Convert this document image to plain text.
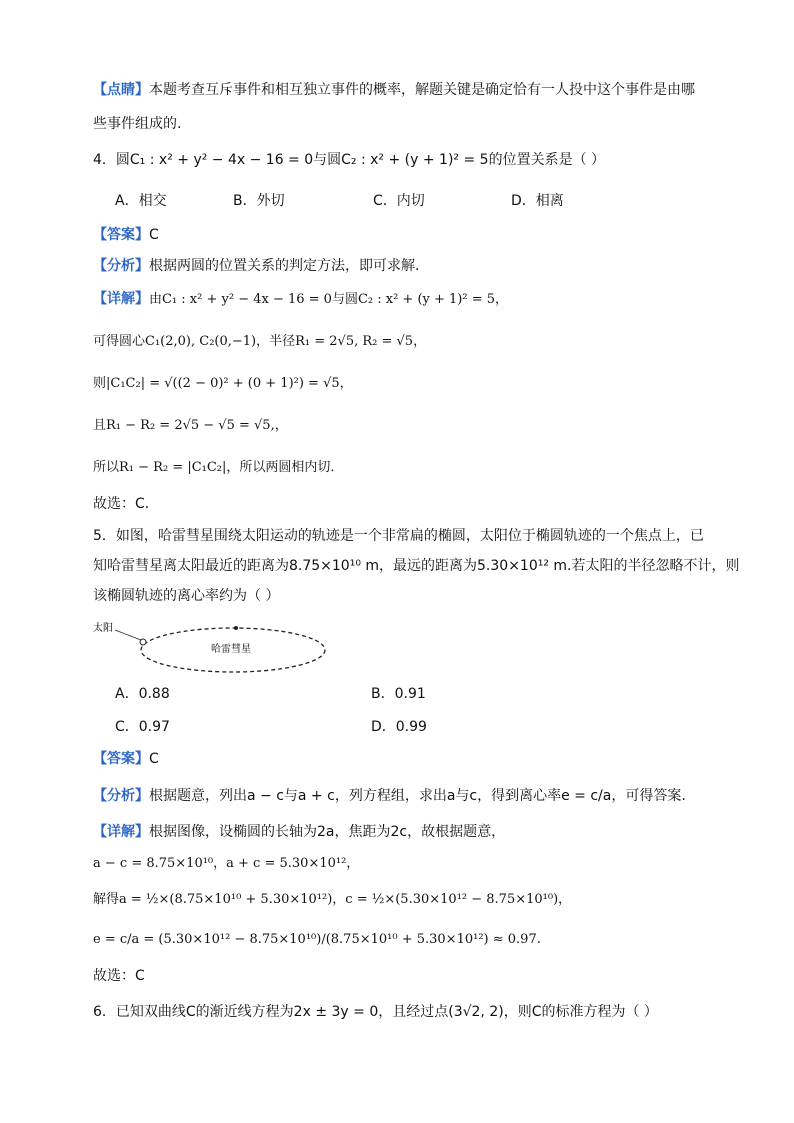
【点睛】本题考查互斥事件和相互独立事件的概率，解题关键是确定恰有一人投中这个事件是由哪
些事件组成的.
4．圆C₁ : x² + y² − 4x − 16 = 0与圆C₂ : x² + (y + 1)² = 5的位置关系是（ ）
A．相交	B．外切	C．内切	D．相离
【答案】C
【分析】根据两圆的位置关系的判定方法，即可求解．
【详解】由C₁ : x² + y² − 4x − 16 = 0与圆C₂ : x² + (y + 1)² = 5，
可得圆心C₁(2,0), C₂(0,−1)，半径R₁ = 2√5, R₂ = √5，
则|C₁C₂| = √((2 − 0)² + (0 + 1)²) = √5，
且R₁ − R₂ = 2√5 − √5 = √5,，
所以R₁ − R₂ = |C₁C₂|，所以两圆相内切．
故选：C．
5．如图，哈雷彗星围绕太阳运动的轨迹是一个非常扁的椭圆，太阳位于椭圆轨迹的一个焦点上，已
知哈雷彗星离太阳最近的距离为8.75×10¹⁰ m，最远的距离为5.30×10¹² m.若太阳的半径忽略不计，则
该椭圆轨迹的离心率约为（ ）
太阳
哈雷彗星
A．0.88	B．0.91
C．0.97	D．0.99
【答案】C
【分析】根据题意，列出a − c与a + c，列方程组，求出a与c，得到离心率e = c/a，可得答案.
【详解】根据图像，设椭圆的长轴为2a，焦距为2c，故根据题意，
a − c = 8.75×10¹⁰，a + c = 5.30×10¹²，
解得a = ½×(8.75×10¹⁰ + 5.30×10¹²)，c = ½×(5.30×10¹² − 8.75×10¹⁰)，
e = c/a = (5.30×10¹² − 8.75×10¹⁰)/(8.75×10¹⁰ + 5.30×10¹²) ≈ 0.97.
故选：C
6．已知双曲线C的渐近线方程为2x ± 3y = 0，且经过点(3√2, 2)，则C的标准方程为（ ）
